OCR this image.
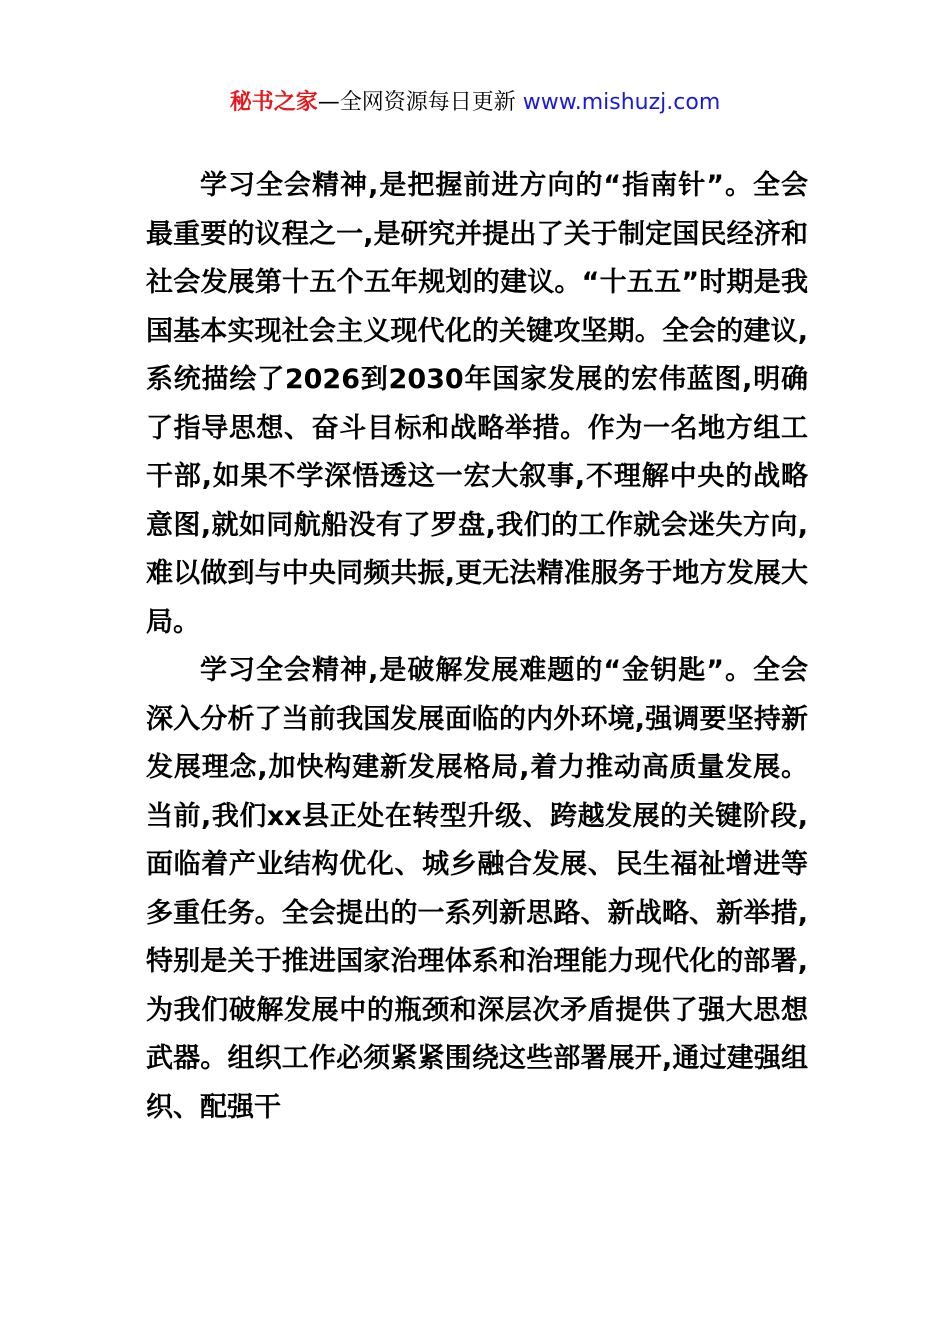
秘书之家—全网资源每日更新 www.mishuzj.com

学习全会精神,是把握前进方向的“指南针”。全会最重要的议程之一,是研究并提出了关于制定国民经济和社会发展第十五个五年规划的建议。“十五五”时期是我国基本实现社会主义现代化的关键攻坚期。全会的建议,系统描绘了2026到2030年国家发展的宏伟蓝图,明确了指导思想、奋斗目标和战略举措。作为一名地方组工干部,如果不学深悟透这一宏大叙事,不理解中央的战略意图,就如同航船没有了罗盘,我们的工作就会迷失方向,难以做到与中央同频共振,更无法精准服务于地方发展大局。

学习全会精神,是破解发展难题的“金钥匙”。全会深入分析了当前我国发展面临的内外环境,强调要坚持新发展理念,加快构建新发展格局,着力推动高质量发展。当前,我们xx县正处在转型升级、跨越发展的关键阶段,面临着产业结构优化、城乡融合发展、民生福祉增进等多重任务。全会提出的一系列新思路、新战略、新举措,特别是关于推进国家治理体系和治理能力现代化的部署,为我们破解发展中的瓶颈和深层次矛盾提供了强大思想武器。组织工作必须紧紧围绕这些部署展开,通过建强组织、配强干
